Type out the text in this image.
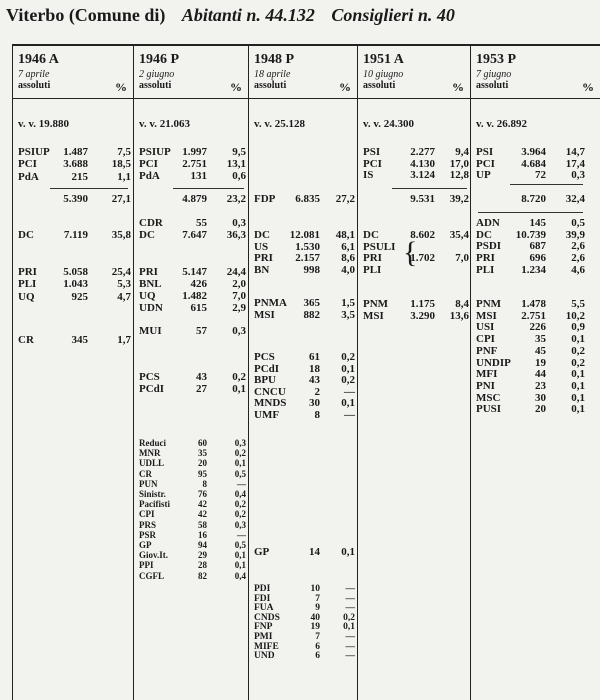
Viterbo (Comune di) Abitanti n. 44.132 Consiglieri n. 40
1946 A
7 aprile
assoluti	%
v. v. 19.880
PSIUP 1.487	7,5
PCI 3.688 18,5
PdA	215	1,1
5.390 27,1
DC	7.119 35,8
PRI 5.058 25,4
PLI 1.043	5,3
UQ	925	4,7
CR	345	1,7
1946 P
2 giugno
assoluti	%
v. v. 21.063
PSIUP 1.997 9,5
PCI 2.751 13,1
PdA	131 0,6
4.879 23,2
CDR	55 0,3
DC 7.647 36,3
PRI 5.147 24,4
BNL	426 2,0
UQ 1.482 7,0
UDN	615 2,9
MUI	57 0,3
PCS	43 0,2
PCdI	27 0,1
Reduci	60	0,3
MNR	35	0,2
UDLL	20	0,1
CR	95	0,5
PUN	8	—
Sinistr.	76	0,4
Pacifisti	42	0,2
CPI	42	0,2
PRS	58	0,3
PSR	16	—
GP	94	0,5
Giov.It.	29	0,1
PPI	28	0,1
CGFL	82	0,4
1948 P
18 aprile
assoluti	%
v. v. 25.128
FDP 6.835 27,2
DC 12.081 48,1
US 1.530 6,1
PRI 2.157 8,6
BN	998 4,0
PNMA 365 1,5
MSI	882 3,5
PCS	61 0,2
PCdI	18 0,1
BPU	43 0,2
CNCU	2 —
MNDS 30 0,1
UMF	8 —
GP	14 0,1
PDI	10	—
FDI	7	—
FUA	9	—
CNDS	40 0,2
FNP	19 0,1
PMI	7	—
MIFE	6	—
UND	6	—
1951 A
10 giugno
assoluti	%
v. v. 24.300
PSI	2.277 9,4
PCI	4.130 17,0
IS	3.124 12,8
9.531 39,2
DC	8.602 35,4
PSULI
PRI	1.702 7,0
PLI
PNM 1.175 8,4
MSI 3.290 13,6
1953 P
7 giugno
assoluti	%
v. v. 26.892
PSI	3.964 14,7
PCI 4.684 17,4
UP	72 0,3
8.720 32,4
ADN	145 0,5
DC 10.739 39,9
PSDI	687 2,6
PRI	696 2,6
PLI 1.234 4,6
PNM 1.478 5,5
MSI 2.751 10,2
USI	226 0,9
CPI	35 0,1
PNF	45 0,2
UNDIP 19 0,2
MFI	44 0,1
PNI	23 0,1
MSC	30 0,1
PUSI	20 0,1
{
